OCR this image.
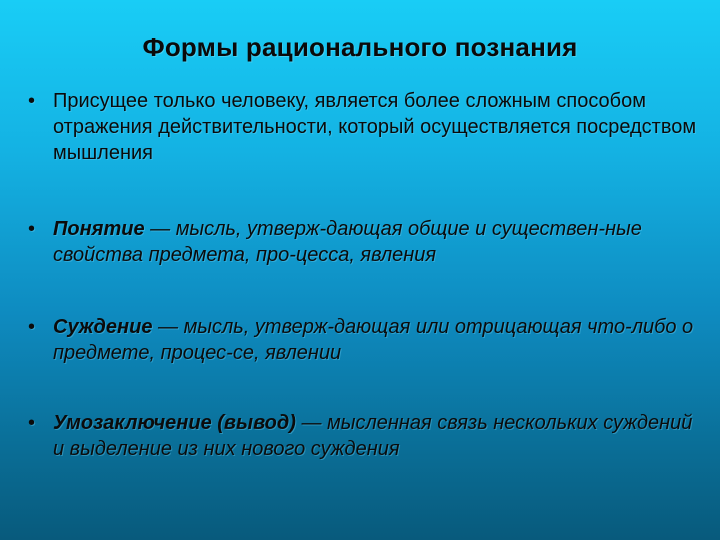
Формы рационального познания
• Присущее только человеку, является более сложным способом отражения действительности, который осуществляется посредством мышления
• Понятие — мысль, утверж-дающая общие и существен-ные свойства предмета, про-цесса, явления
• Суждение — мысль, утверж-дающая или отрицающая что-либо о предмете, процес-се, явлении
• Умозаключение (вывод) — мысленная связь нескольких суждений и выделение из них нового суждения
